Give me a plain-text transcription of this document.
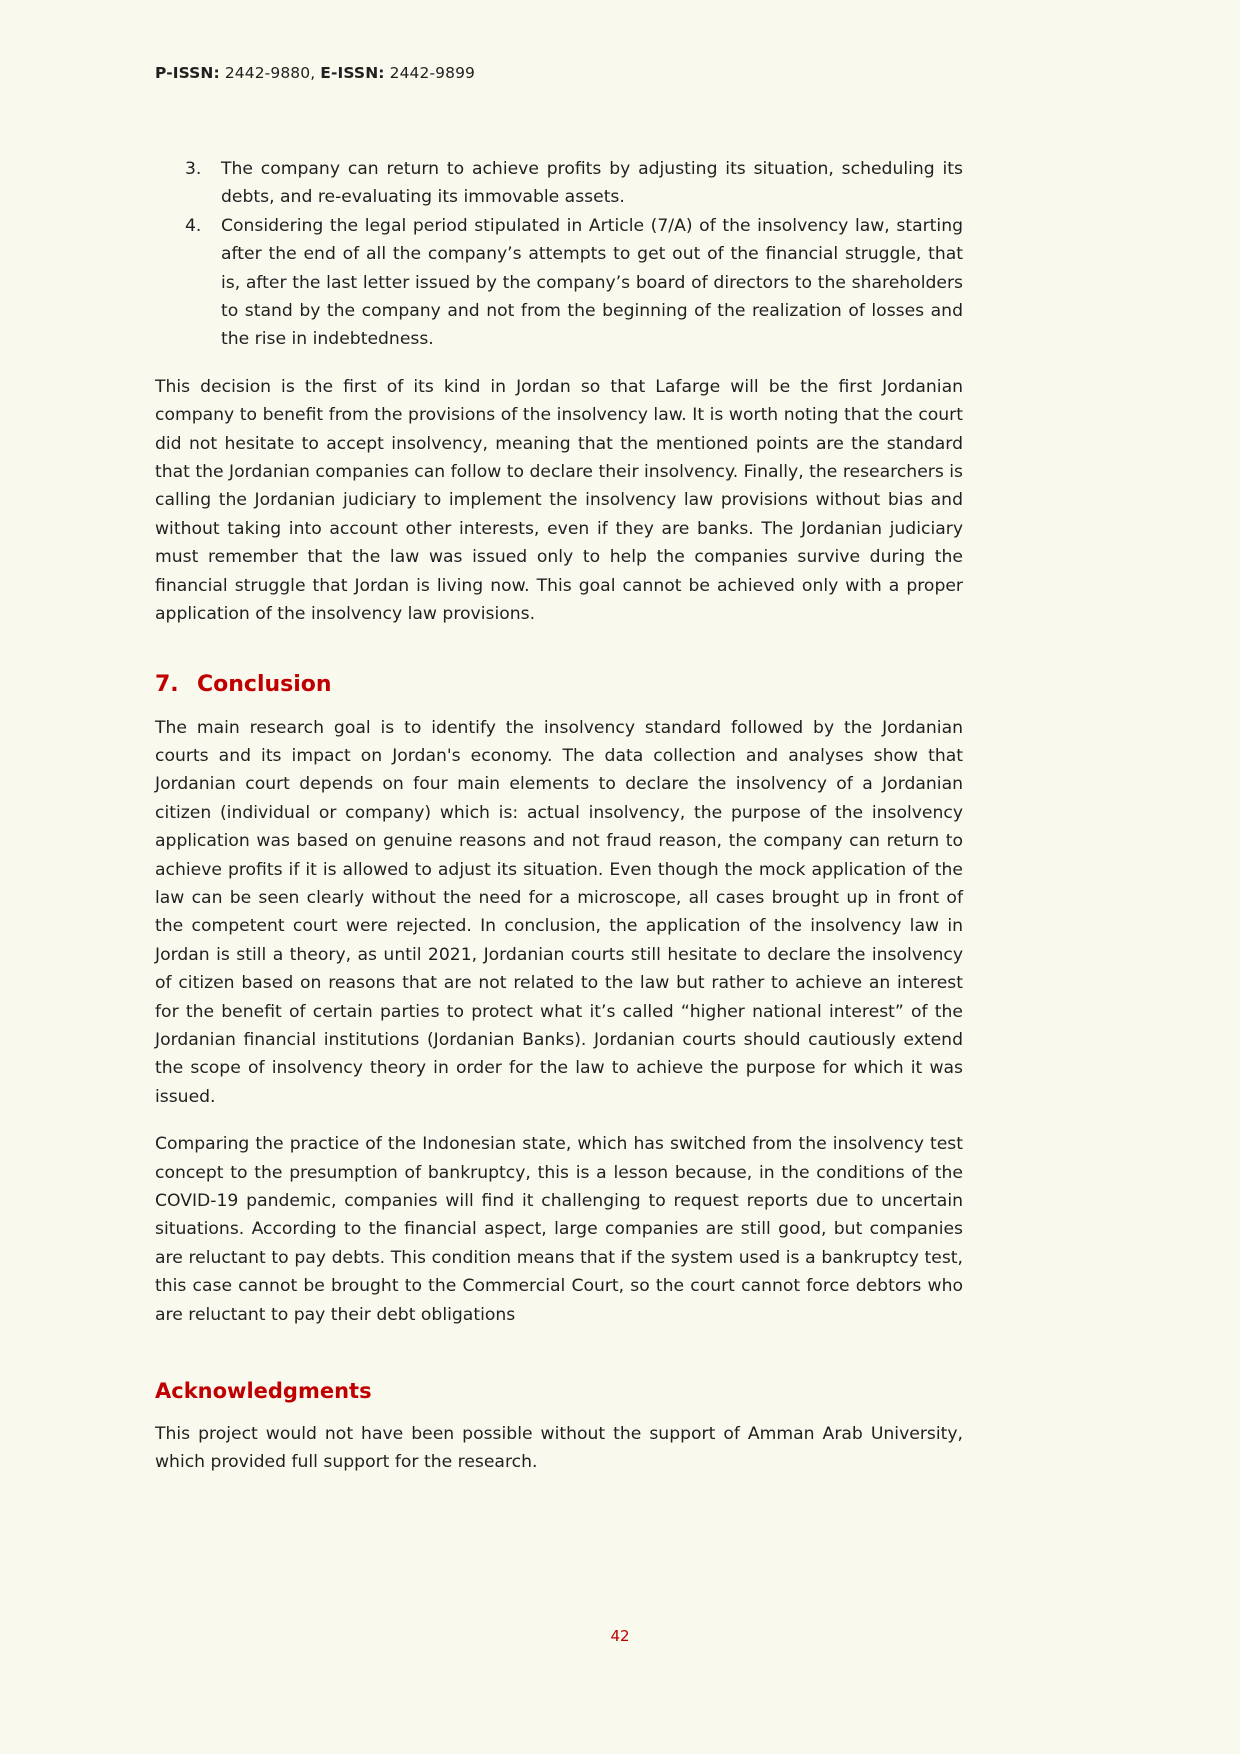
P-ISSN: 2442-9880, E-ISSN: 2442-9899
3.	The company can return to achieve profits by adjusting its situation, scheduling its debts, and re-evaluating its immovable assets.
4.	Considering the legal period stipulated in Article (7/A) of the insolvency law, starting after the end of all the company’s attempts to get out of the financial struggle, that is, after the last letter issued by the company’s board of directors to the shareholders to stand by the company and not from the beginning of the realization of losses and the rise in indebtedness.

This decision is the first of its kind in Jordan so that Lafarge will be the first Jordanian company to benefit from the provisions of the insolvency law. It is worth noting that the court did not hesitate to accept insolvency, meaning that the mentioned points are the standard that the Jordanian companies can follow to declare their insolvency. Finally, the researchers is calling the Jordanian judiciary to implement the insolvency law provisions without bias and without taking into account other interests, even if they are banks. The Jordanian judiciary must remember that the law was issued only to help the companies survive during the financial struggle that Jordan is living now. This goal cannot be achieved only with a proper application of the insolvency law provisions.

7. Conclusion

The main research goal is to identify the insolvency standard followed by the Jordanian courts and its impact on Jordan's economy. The data collection and analyses show that Jordanian court depends on four main elements to declare the insolvency of a Jordanian citizen (individual or company) which is: actual insolvency, the purpose of the insolvency application was based on genuine reasons and not fraud reason, the company can return to achieve profits if it is allowed to adjust its situation. Even though the mock application of the law can be seen clearly without the need for a microscope, all cases brought up in front of the competent court were rejected. In conclusion, the application of the insolvency law in Jordan is still a theory, as until 2021, Jordanian courts still hesitate to declare the insolvency of citizen based on reasons that are not related to the law but rather to achieve an interest for the benefit of certain parties to protect what it’s called “higher national interest” of the Jordanian financial institutions (Jordanian Banks). Jordanian courts should cautiously extend the scope of insolvency theory in order for the law to achieve the purpose for which it was issued.

Comparing the practice of the Indonesian state, which has switched from the insolvency test concept to the presumption of bankruptcy, this is a lesson because, in the conditions of the COVID-19 pandemic, companies will find it challenging to request reports due to uncertain situations. According to the financial aspect, large companies are still good, but companies are reluctant to pay debts. This condition means that if the system used is a bankruptcy test, this case cannot be brought to the Commercial Court, so the court cannot force debtors who are reluctant to pay their debt obligations

Acknowledgments

This project would not have been possible without the support of Amman Arab University, which provided full support for the research.

42
